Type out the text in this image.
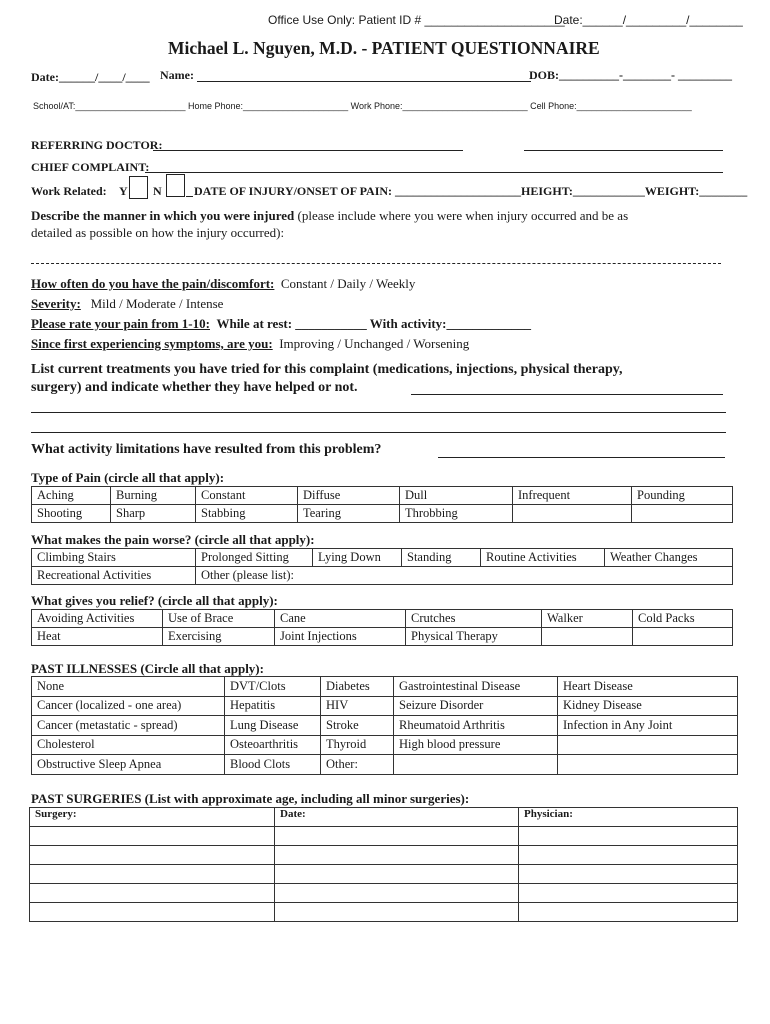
Office Use Only: Patient ID # _____________________
Date:______/_________/________
Michael L. Nguyen, M.D. - PATIENT QUESTIONNAIRE
Date:______/____/____ Name:	DOB:__________-________- _________
School/AT:______________________ Home Phone:_____________________ Work Phone:_________________________ Cell Phone:_______________________
REFERRING DOCTOR:
CHIEF COMPLAINT:
Work Related: Y N	DATE OF INJURY/ONSET OF PAIN: _____________________HEIGHT:____________WEIGHT:________
Describe the manner in which you were injured (please include where you were when injury occurred and be as
detailed as possible on how the injury occurred):
How often do you have the pain/discomfort: Constant / Daily / Weekly
Severity: Mild / Moderate / Intense
Please rate your pain from 1-10: While at rest: ___________ With activity:_____________
Since first experiencing symptoms, are you: Improving / Unchanged / Worsening
List current treatments you have tried for this complaint (medications, injections, physical therapy,
surgery) and indicate whether they have helped or not.
What activity limitations have resulted from this problem?
Type of Pain (circle all that apply):
Aching	Burning	Constant	Diffuse	Dull	Infrequent	Pounding
Shooting	Sharp	Stabbing	Tearing	Throbbing		
What makes the pain worse? (circle all that apply):
Climbing Stairs	Prolonged Sitting	Lying Down	Standing	Routine Activities	Weather Changes
Recreational Activities	Other (please list):				
What gives you relief? (circle all that apply):
Avoiding Activities	Use of Brace	Cane	Crutches	Walker	Cold Packs
Heat	Exercising	Joint Injections	Physical Therapy		
PAST ILLNESSES (Circle all that apply):
None	DVT/Clots	Diabetes	Gastrointestinal Disease	Heart Disease
Cancer (localized - one area)	Hepatitis	HIV	Seizure Disorder	Kidney Disease
Cancer (metastatic - spread)	Lung Disease	Stroke	Rheumatoid Arthritis	Infection in Any Joint
Cholesterol	Osteoarthritis	Thyroid	High blood pressure	
Obstructive Sleep Apnea	Blood Clots	Other:		
PAST SURGERIES (List with approximate age, including all minor surgeries):
Surgery:	Date:	Physician:
